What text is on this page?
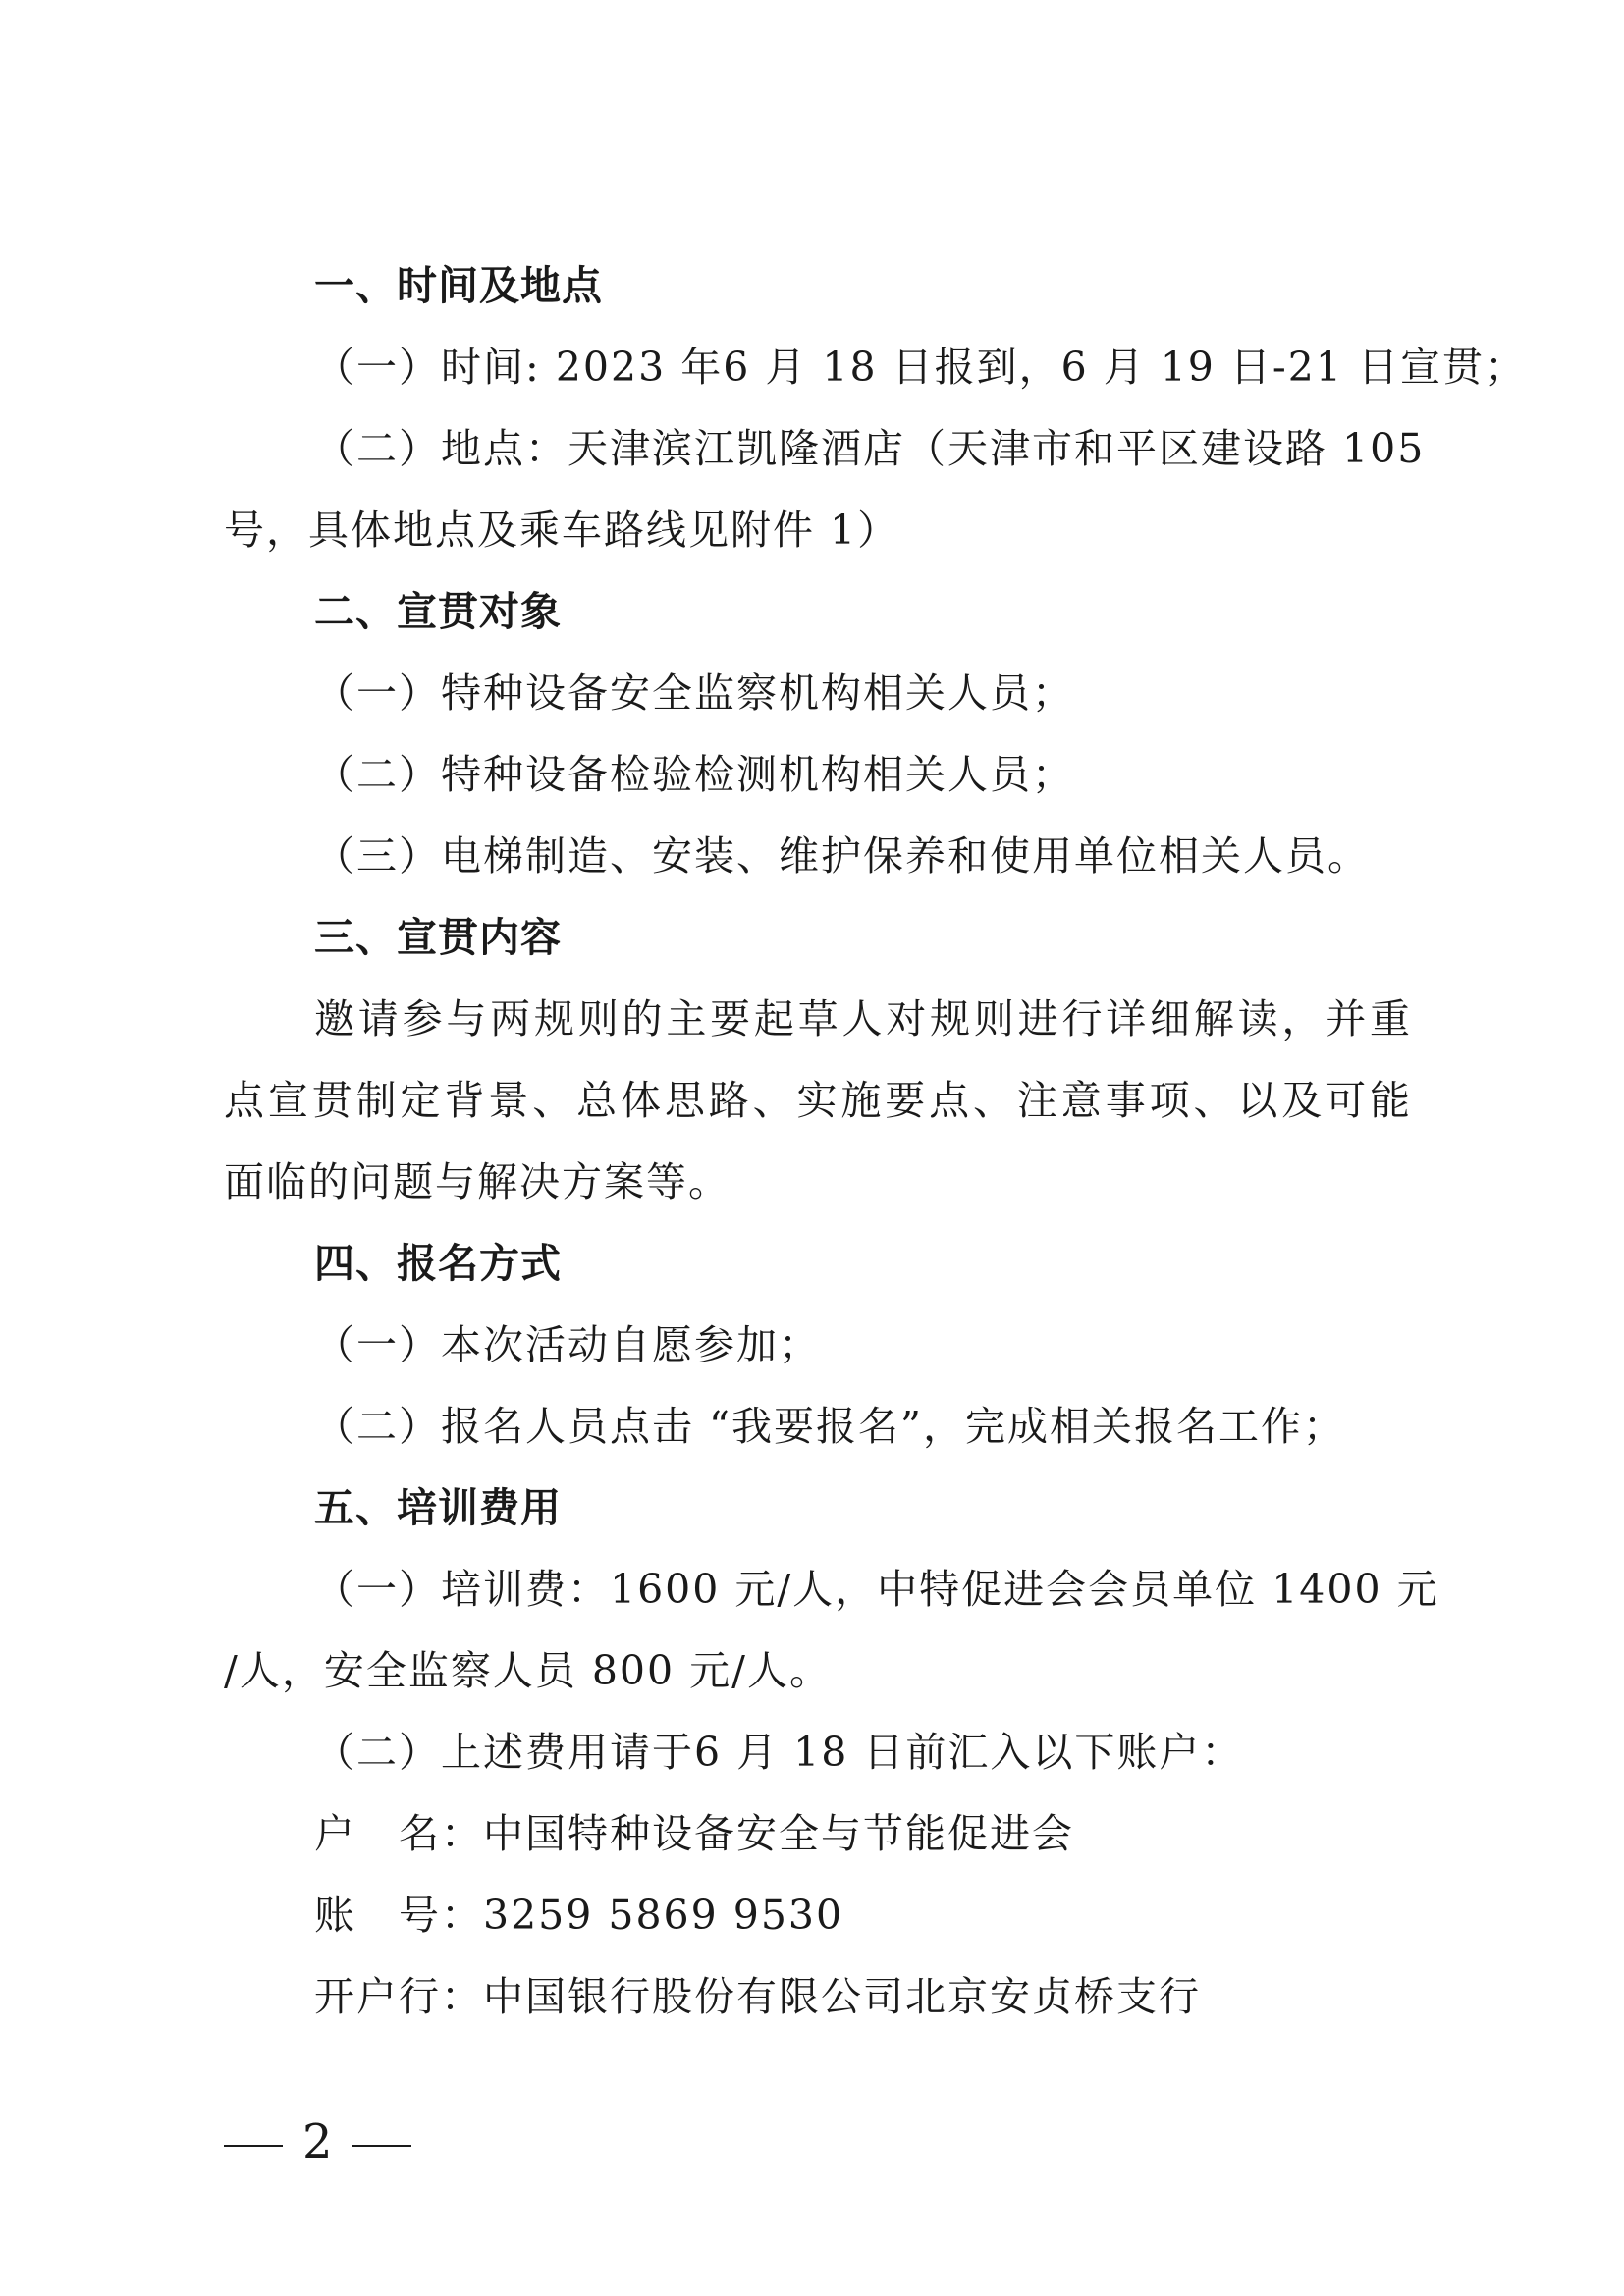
一、时间及地点
（一）时间: 2023 年6 月 18 日报到，6 月 19 日-21 日宣贯；
（二）地点：天津滨江凯隆酒店（天津市和平区建设路 105
号，具体地点及乘车路线见附件 1）
二、宣贯对象
（一）特种设备安全监察机构相关人员；
（二）特种设备检验检测机构相关人员；
（三）电梯制造、安装、维护保养和使用单位相关人员。
三、宣贯内容
邀请参与两规则的主要起草人对规则进行详细解读，并重
点宣贯制定背景、总体思路、实施要点、注意事项、以及可能
面临的问题与解决方案等。
四、报名方式
（一）本次活动自愿参加；
（二）报名人员点击 “我要报名”，完成相关报名工作；
五、培训费用
（一）培训费：1600 元/人，中特促进会会员单位 1400 元
/人，安全监察人员 800 元/人。
（二）上述费用请于6 月 18 日前汇入以下账户：
户　名：中国特种设备安全与节能促进会
账　号：3259 5869 9530
开户行：中国银行股份有限公司北京安贞桥支行
2
